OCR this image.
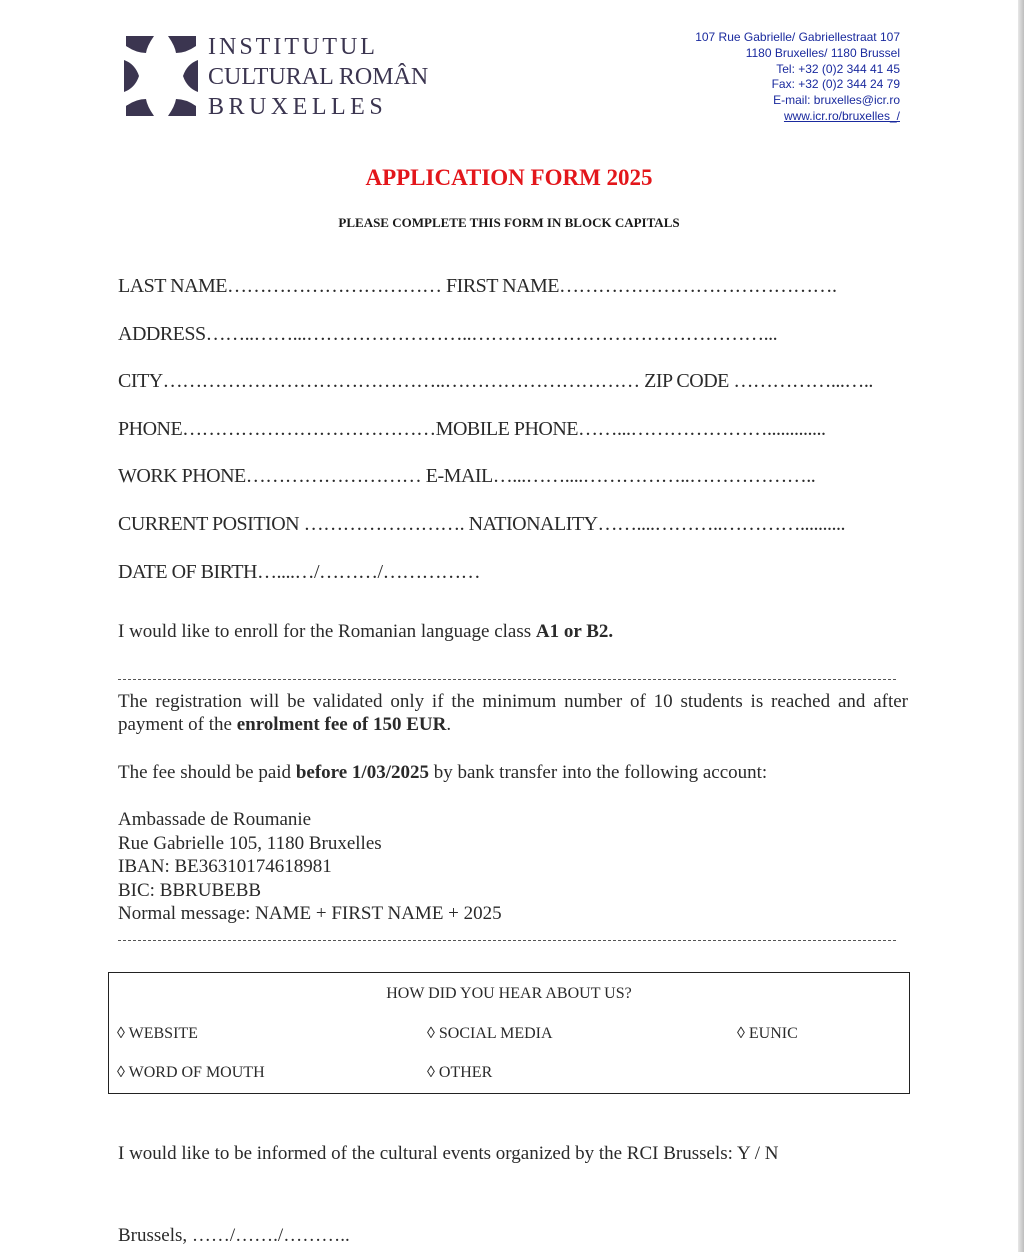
INSTITUTUL
CULTURAL ROMÂN
BRUXELLES
107 Rue Gabrielle/ Gabriellestraat 107
1180 Bruxelles/ 1180 Brussel
Tel: +32 (0)2 344 41 45
Fax: +32 (0)2 344 24 79
E-mail: bruxelles@icr.ro
www.icr.ro/bruxelles_/
APPLICATION FORM 2025
PLEASE COMPLETE THIS FORM IN BLOCK CAPITALS
LAST NAME…………………………… FIRST NAME…………………………………….
ADDRESS……..……...……………………..………………………………………...
CITY……………………………………..………………………… ZIP CODE ……………...…..
PHONE…………………………………MOBILE PHONE……...………………….............
WORK PHONE……………………… E-MAIL…...……....……………..………………..
CURRENT POSITION ……………………. NATIONALITY……....………..…………..........
DATE OF BIRTH…....…/………/……………
I would like to enroll for the Romanian language class A1 or B2.
The registration will be validated only if the minimum number of 10 students is reached and after payment of the enrolment fee of 150 EUR.
The fee should be paid before 1/03/2025 by bank transfer into the following account:
Ambassade de Roumanie
Rue Gabrielle 105, 1180 Bruxelles
IBAN: BE36310174618981
BIC: BBRUBEBB
Normal message: NAME + FIRST NAME + 2025
HOW DID YOU HEAR ABOUT US?
◊ WEBSITE	◊ SOCIAL MEDIA	◊ EUNIC
◊ WORD OF MOUTH	◊ OTHER
I would like to be informed of the cultural events organized by the RCI Brussels: Y / N
Brussels, ……/……./………..
